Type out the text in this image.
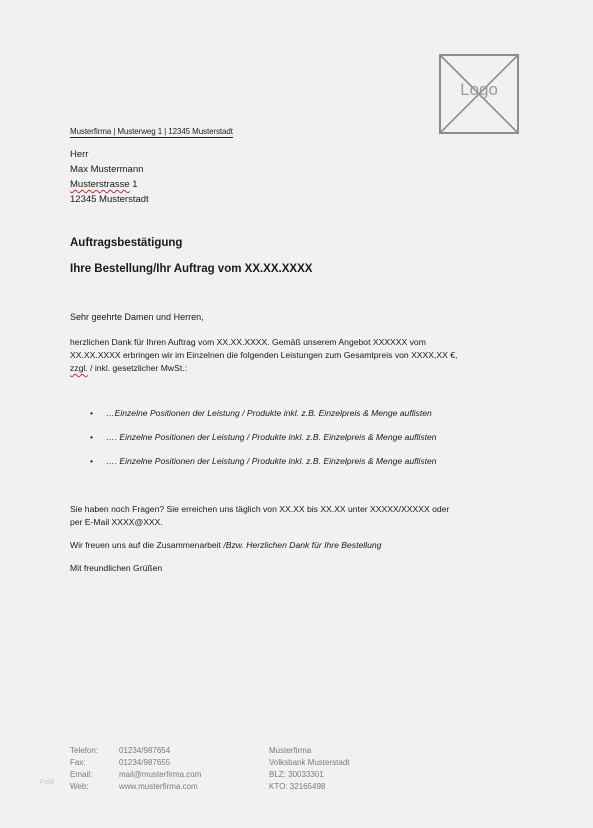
Logo
Musterfirma | Musterweg 1 | 12345 Musterstadt
Herr
Max Mustermann
Musterstrasse 1
12345 Musterstadt
Auftragsbestätigung
Ihre Bestellung/Ihr Auftrag vom XX.XX.XXXX
Sehr geehrte Damen und Herren,
herzlichen Dank für Ihren Auftrag vom XX.XX.XXXX. Gemäß unserem Angebot XXXXXX vom
XX.XX.XXXX erbringen wir im Einzelnen die folgenden Leistungen zum Gesamtpreis von XXXX,XX €,
zzgl. / inkl. gesetzlicher MwSt.:
• …Einzelne Positionen der Leistung / Produkte inkl. z.B. Einzelpreis & Menge auflisten
• …. Einzelne Positionen der Leistung / Produkte inkl. z.B. Einzelpreis & Menge auflisten
• …. Einzelne Positionen der Leistung / Produkte inkl. z.B. Einzelpreis & Menge auflisten
Sie haben noch Fragen? Sie erreichen uns täglich von XX.XX bis XX.XX unter XXXXX/XXXXX oder
per E-Mail XXXX@XXX.
Wir freuen uns auf die Zusammenarbeit /Bzw. Herzlichen Dank für Ihre Bestellung
Mit freundlichen Grüßen
Feld
Telefon:	01234/987654	Musterfirma
Fax:	01234/987655	Volksbank Musterstadt
Email:	mail@musterfirma.com	BLZ: 30033301
Web:	www.musterfirma.com	KTO: 32165498
